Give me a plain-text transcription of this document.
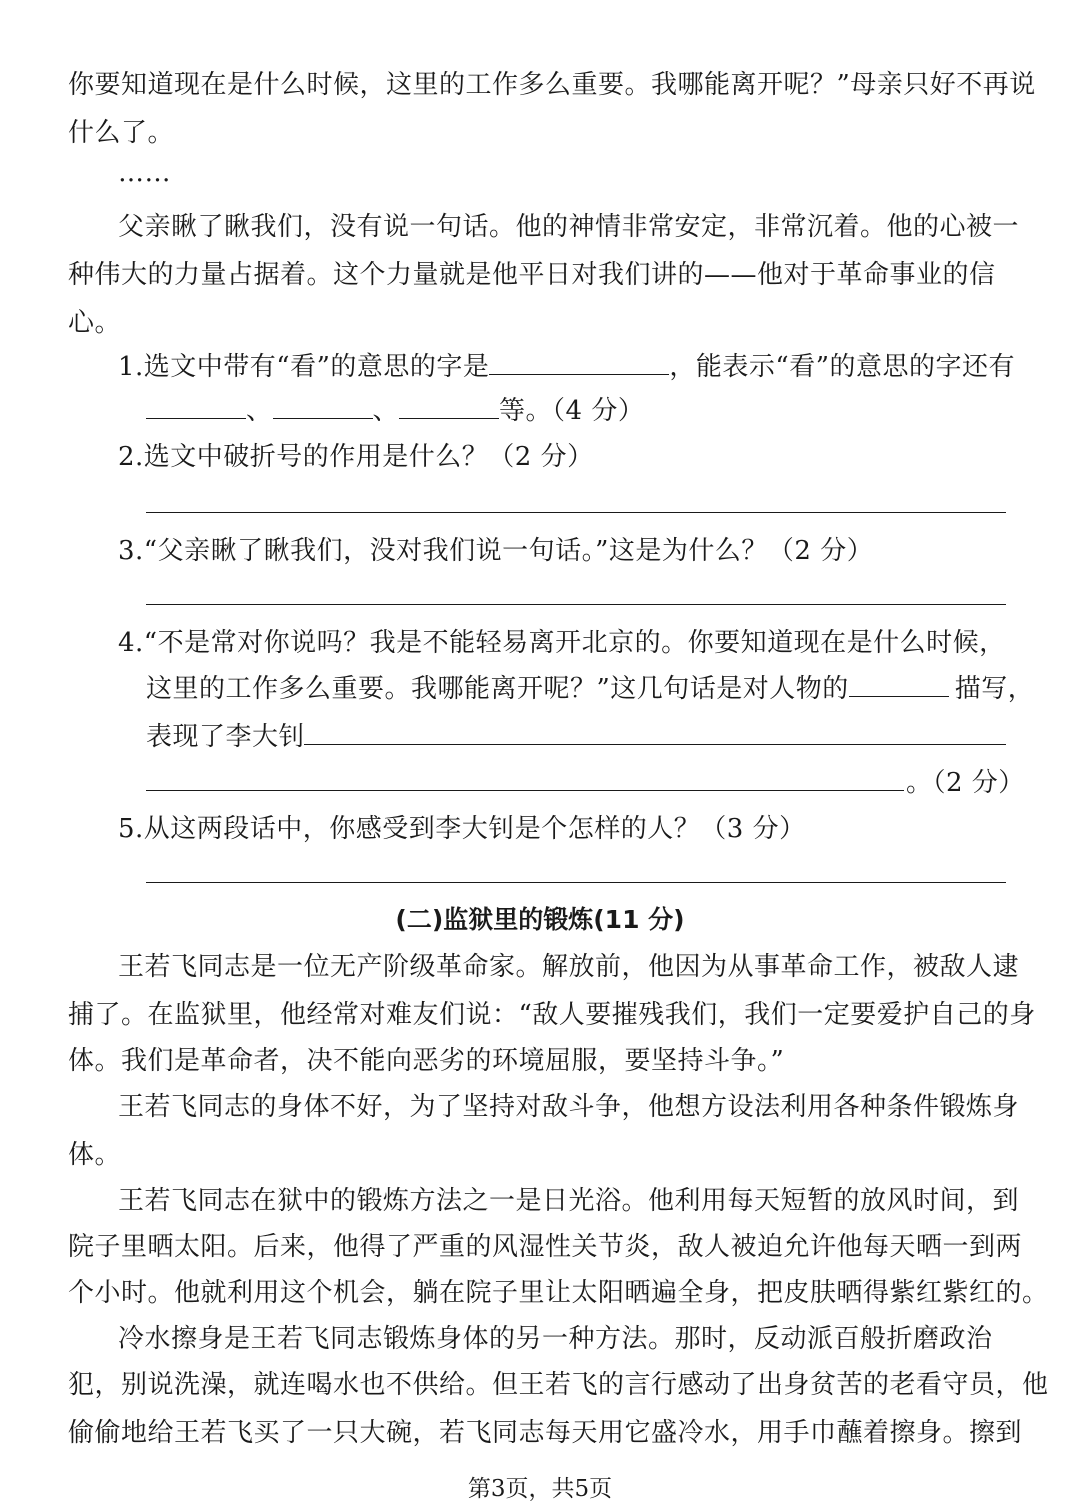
你要知道现在是什么时候，这里的工作多么重要。我哪能离开呢？”母亲只好不再说
什么了。
……
父亲瞅了瞅我们，没有说一句话。他的神情非常安定，非常沉着。他的心被一
种伟大的力量占据着。这个力量就是他平日对我们讲的——他对于革命事业的信
心。
1.选文中带有“看”的意思的字是	，能表示“看”的意思的字还有
、	、	等。（4 分）
2.选文中破折号的作用是什么？（2 分）
3.“父亲瞅了瞅我们，没对我们说一句话。”这是为什么？（2 分）
4.“不是常对你说吗？我是不能轻易离开北京的。你要知道现在是什么时候，
这里的工作多么重要。我哪能离开呢？”这几句话是对人物的	描写，
表现了李大钊
。（2 分）
5.从这两段话中，你感受到李大钊是个怎样的人？（3 分）
(二)监狱里的锻炼(11 分)
王若飞同志是一位无产阶级革命家。解放前，他因为从事革命工作，被敌人逮
捕了。在监狱里，他经常对难友们说：“敌人要摧残我们，我们一定要爱护自己的身
体。我们是革命者，决不能向恶劣的环境屈服，要坚持斗争。”
王若飞同志的身体不好，为了坚持对敌斗争，他想方设法利用各种条件锻炼身
体。
王若飞同志在狱中的锻炼方法之一是日光浴。他利用每天短暂的放风时间，到
院子里晒太阳。后来，他得了严重的风湿性关节炎，敌人被迫允许他每天晒一到两
个小时。他就利用这个机会，躺在院子里让太阳晒遍全身，把皮肤晒得紫红紫红的。
冷水擦身是王若飞同志锻炼身体的另一种方法。那时，反动派百般折磨政治
犯，别说洗澡，就连喝水也不供给。但王若飞的言行感动了出身贫苦的老看守员，他
偷偷地给王若飞买了一只大碗，若飞同志每天用它盛冷水，用手巾蘸着擦身。擦到
第3页，共5页
